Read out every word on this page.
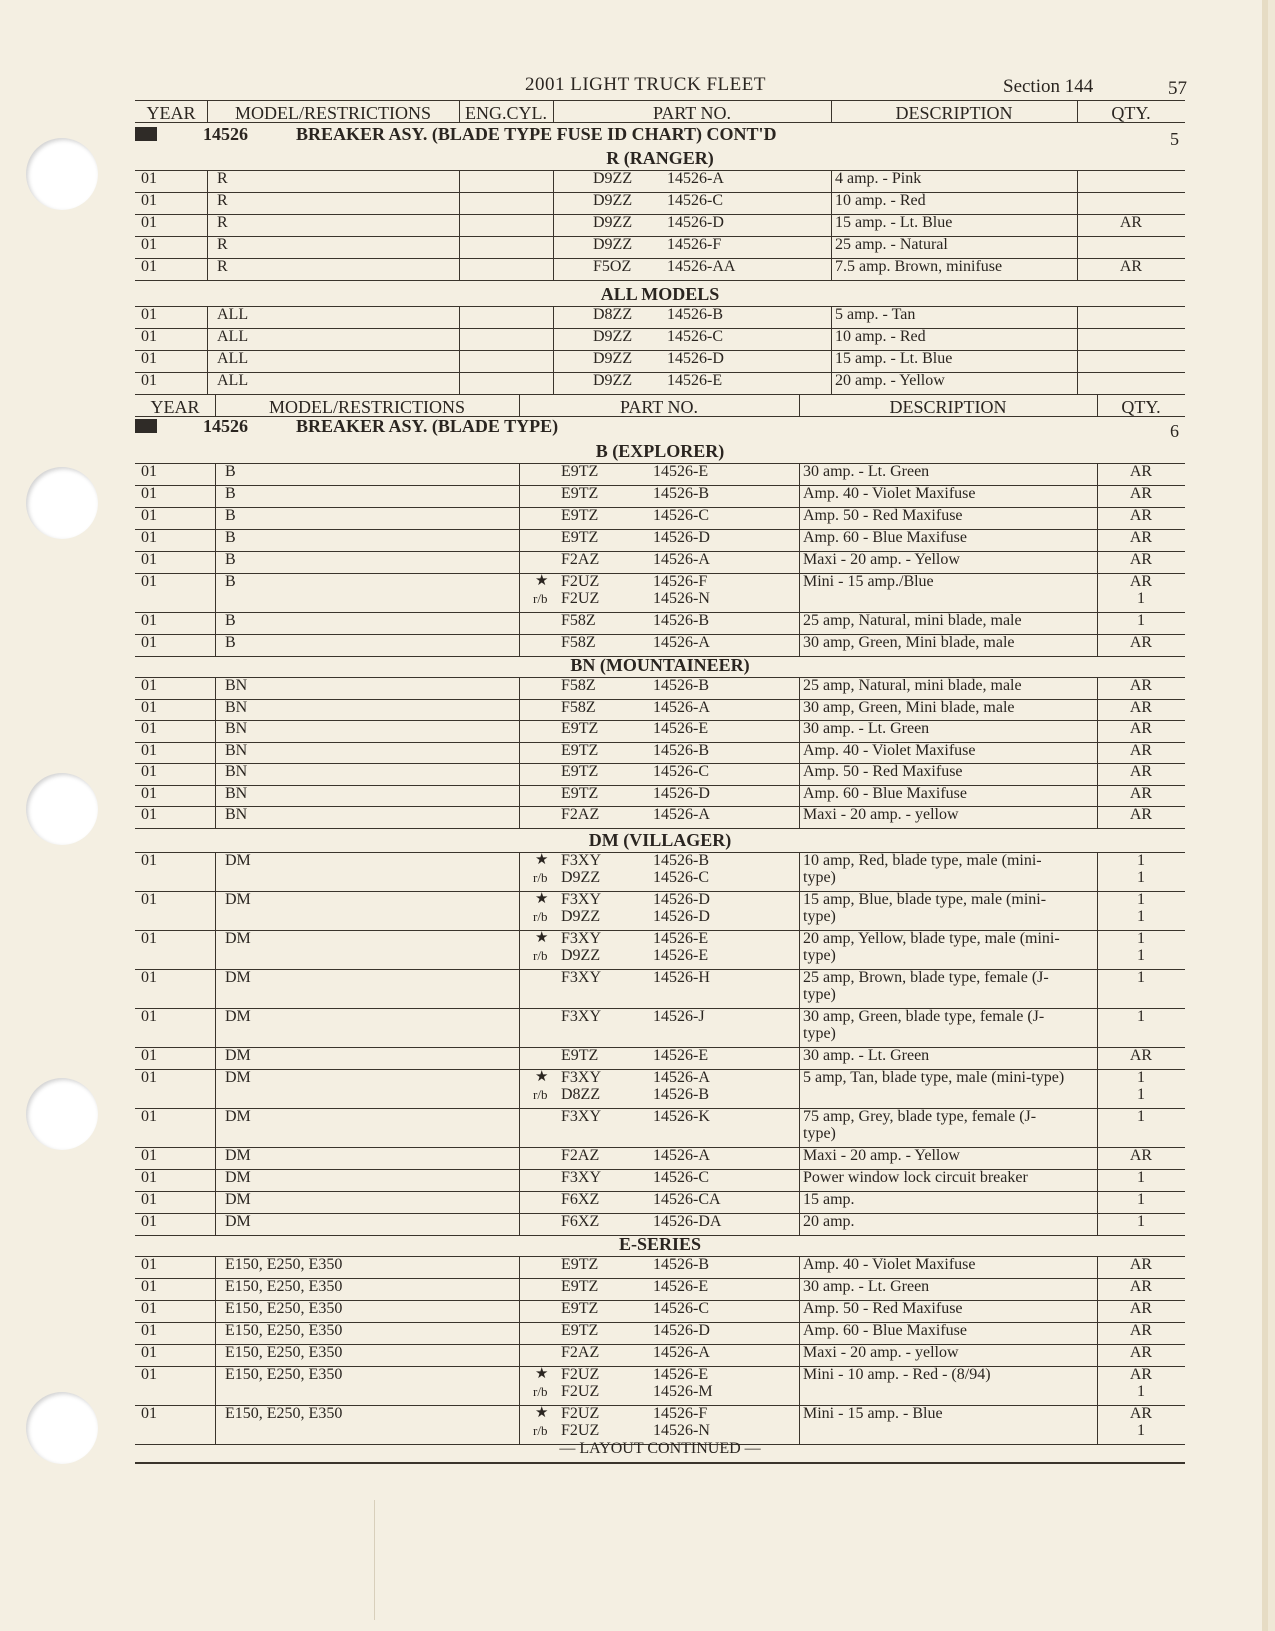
2001 LIGHT TRUCK FLEET	Section 144	57
YEAR	MODEL/RESTRICTIONS	ENG.CYL.	PART NO.	DESCRIPTION	QTY.
14526	BREAKER ASY. (BLADE TYPE FUSE ID CHART) CONT'D	5
R (RANGER)
01	R	D9ZZ 14526-A	4 amp. - Pink
01	R	D9ZZ 14526-C	10 amp. - Red
01	R	D9ZZ 14526-D	15 amp. - Lt. Blue	AR
01	R	D9ZZ 14526-F	25 amp. - Natural
01	R	F5OZ 14526-AA	7.5 amp. Brown, minifuse	AR
ALL MODELS
01	ALL	D8ZZ 14526-B	5 amp. - Tan
01	ALL	D9ZZ 14526-C	10 amp. - Red
01	ALL	D9ZZ 14526-D	15 amp. - Lt. Blue
01	ALL	D9ZZ 14526-E	20 amp. - Yellow
YEAR	MODEL/RESTRICTIONS	PART NO.	DESCRIPTION	QTY.
14526	BREAKER ASY. (BLADE TYPE)	6
B (EXPLORER)
01	B	E9TZ	14526-E	30 amp. - Lt. Green	AR
01	B	E9TZ	14526-B	Amp. 40 - Violet Maxifuse	AR
01	B	E9TZ	14526-C	Amp. 50 - Red Maxifuse	AR
01	B	E9TZ	14526-D	Amp. 60 - Blue Maxifuse	AR
01	B	F2AZ	14526-A	Maxi - 20 amp. - Yellow	AR
01	B	★ F2UZ	14526-F	Mini - 15 amp./Blue	AR
r/b F2UZ	14526-N	1
01	B	F58Z	14526-B	25 amp, Natural, mini blade, male	1
01	B	F58Z	14526-A	30 amp, Green, Mini blade, male	AR
BN (MOUNTAINEER)
01	BN	F58Z	14526-B	25 amp, Natural, mini blade, male	AR
01	BN	F58Z	14526-A	30 amp, Green, Mini blade, male	AR
01	BN	E9TZ	14526-E	30 amp. - Lt. Green	AR
01	BN	E9TZ	14526-B	Amp. 40 - Violet Maxifuse	AR
01	BN	E9TZ	14526-C	Amp. 50 - Red Maxifuse	AR
01	BN	E9TZ	14526-D	Amp. 60 - Blue Maxifuse	AR
01	BN	F2AZ	14526-A	Maxi - 20 amp. - yellow	AR
DM (VILLAGER)
01	DM	★ F3XY	14526-B	10 amp, Red, blade type, male (mini-	1
type)
r/b D9ZZ	14526-C	1
01	DM	★ F3XY	14526-D	15 amp, Blue, blade type, male (mini-	1
type)
r/b D9ZZ	14526-D	1
01	DM	★ F3XY	14526-E	20 amp, Yellow, blade type, male (mini-	1
type)
r/b D9ZZ	14526-E	1
01	DM	F3XY	14526-H	25 amp, Brown, blade type, female (J-	1
type)
01	DM	F3XY	14526-J	30 amp, Green, blade type, female (J-	1
type)
01	DM	E9TZ	14526-E	30 amp. - Lt. Green	AR
01	DM	★ F3XY	14526-A	5 amp, Tan, blade type, male (mini-type)	1
r/b D8ZZ	14526-B	1
01	DM	F3XY	14526-K	75 amp, Grey, blade type, female (J-	1
type)
01	DM	F2AZ	14526-A	Maxi - 20 amp. - Yellow	AR
01	DM	F3XY	14526-C	Power window lock circuit breaker	1
01	DM	F6XZ	14526-CA	15 amp.	1
01	DM	F6XZ	14526-DA	20 amp.	1
E-SERIES
01	E150, E250, E350	E9TZ	14526-B	Amp. 40 - Violet Maxifuse	AR
01	E150, E250, E350	E9TZ	14526-E	30 amp. - Lt. Green	AR
01	E150, E250, E350	E9TZ	14526-C	Amp. 50 - Red Maxifuse	AR
01	E150, E250, E350	E9TZ	14526-D	Amp. 60 - Blue Maxifuse	AR
01	E150, E250, E350	F2AZ	14526-A	Maxi - 20 amp. - yellow	AR
01	E150, E250, E350	★ F2UZ	14526-E	Mini - 10 amp. - Red - (8/94)	AR
r/b F2UZ	14526-M	1
01	E150, E250, E350	★ F2UZ	14526-F	Mini - 15 amp. - Blue	AR
r/b F2UZ	14526-N	1
— LAYOUT CONTINUED —
